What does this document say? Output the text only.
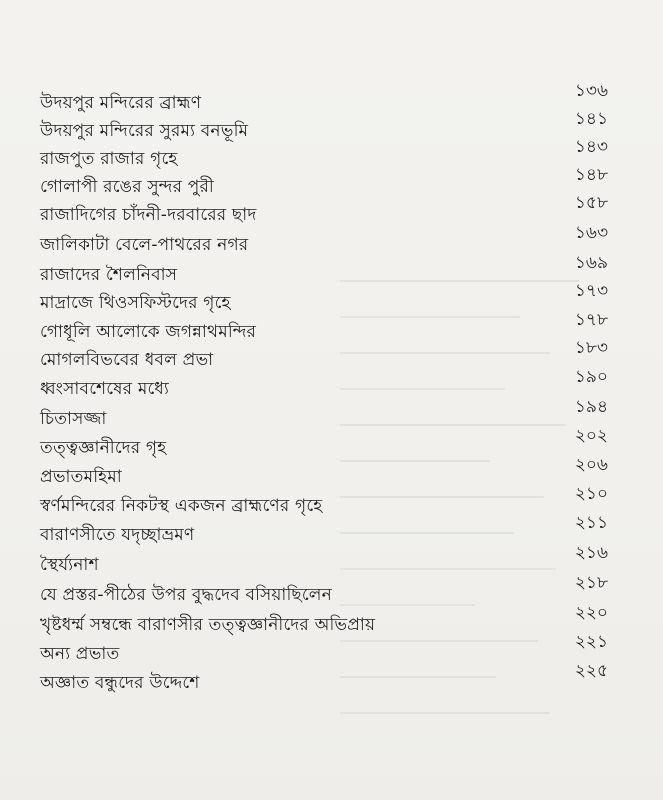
উদয়পুর মন্দিরের ব্রাহ্মণ
১৩৬
উদয়পুর মন্দিরের সুরম্য বনভূমি
১৪১
রাজপুত রাজার গৃহে
১৪৩
গোলাপী রঙের সুন্দর পুরী
১৪৮
রাজাদিগের চাঁদনী-দরবারের ছাদ
১৫৮
জালিকাটা বেলে-পাথরের নগর
১৬৩
রাজাদের শৈলনিবাস
১৬৯
মাদ্রাজে থিওসফিস্টদের গৃহে
১৭৩
গোধূলি আলোকে জগন্নাথমন্দির
১৭৮
মোগলবিভবের ধবল প্রভা
১৮৩
ধ্বংসাবশেষের মধ্যে
১৯০
চিতাসজ্জা
১৯৪
তত্ত্বজ্ঞানীদের গৃহ
২০২
প্রভাতমহিমা
২০৬
স্বর্ণমন্দিরের নিকটস্থ একজন ব্রাহ্মণের গৃহে
২১০
বারাণসীতে যদৃচ্ছাভ্রমণ
২১১
স্থৈর্য্যনাশ
২১৬
যে প্রস্তর-পীঠের উপর বুদ্ধদেব বসিয়াছিলেন
২১৮
খৃষ্টধর্ম্ম সম্বন্ধে বারাণসীর তত্ত্বজ্ঞানীদের অভিপ্রায়
২২০
অন্য প্রভাত
২২১
অজ্ঞাত বন্ধুদের উদ্দেশে
২২৫
